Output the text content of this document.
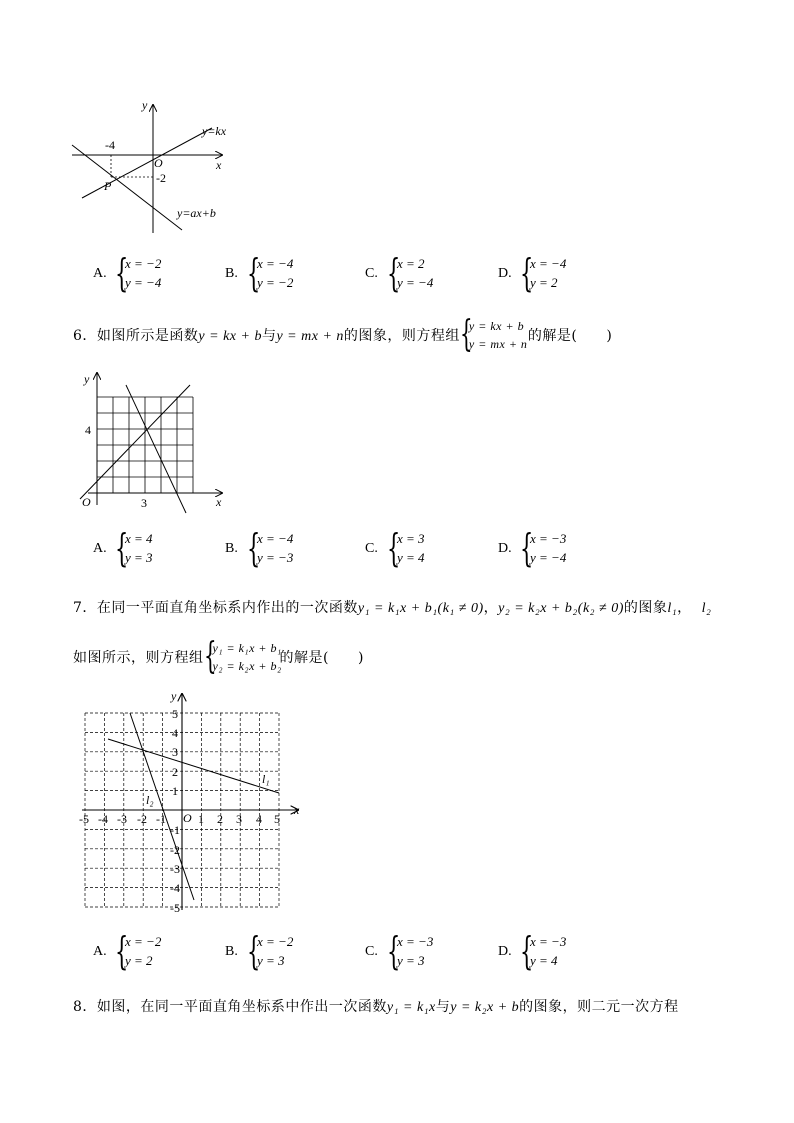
y
x
O
-4
-2
P
y=kx
y=ax+b
A. {
x = −2
y = −4
B. {
x = −4
y = −2
C. {
x = 2
y = −4
D. {
x = −4
y = 2
6．如图所示是函数y = kx + b与y = mx + n的图象，则方程组 {
y = kx + b
y = mx + n 的解是(　　)
y
x
O
4
3
A. {
x = 4
y = 3
B. {
x = −4
y = −3
C. {
x = 3
y = 4
D. {
x = −3
y = −4
7．在同一平面直角坐标系内作出的一次函数y₁ = k₁x + b₁(k₁ ≠ 0)，y₂ = k₂x + b₂(k₂ ≠ 0)的图象l₁， l₂
如图所示，则方程组 {
y₁ = k₁x + b₁
y₂ = k₂x + b₂
的解是(　　)
y
x
O
l₁
l₂
-5 -4 -3 -2 -1	1 2 3 4 5
5
4
3
2
1
-1
-2
-3
-4
-5
A. {
x = −2
y = 2
B. {
x = −2
y = 3
C. {
x = −3
y = 3
D. {
x = −3
y = 4
8．如图，在同一平面直角坐标系中作出一次函数y₁ = k₁x与y = k₂x + b的图象，则二元一次方程
